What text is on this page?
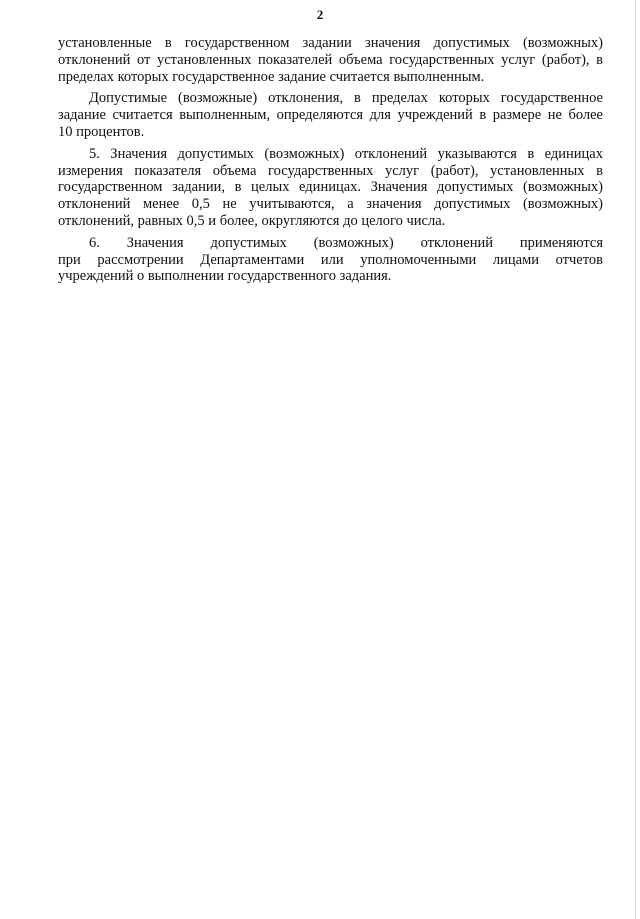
2

установленные в государственном задании значения допустимых (возможных)
отклонений от установленных показателей объема государственных услуг (работ), в
пределах которых государственное задание считается выполненным.

Допустимые (возможные) отклонения, в пределах которых государственное
задание считается выполненным, определяются для учреждений в размере не более
10 процентов.

5. Значения допустимых (возможных) отклонений указываются в единицах
измерения показателя объема государственных услуг (работ), установленных в
государственном задании, в целых единицах. Значения допустимых (возможных)
отклонений менее 0,5 не учитываются, а значения допустимых (возможных)
отклонений, равных 0,5 и более, округляются до целого числа.

6. Значения допустимых (возможных) отклонений применяются
при рассмотрении Департаментами или уполномоченными лицами отчетов
учреждений о выполнении государственного задания.
